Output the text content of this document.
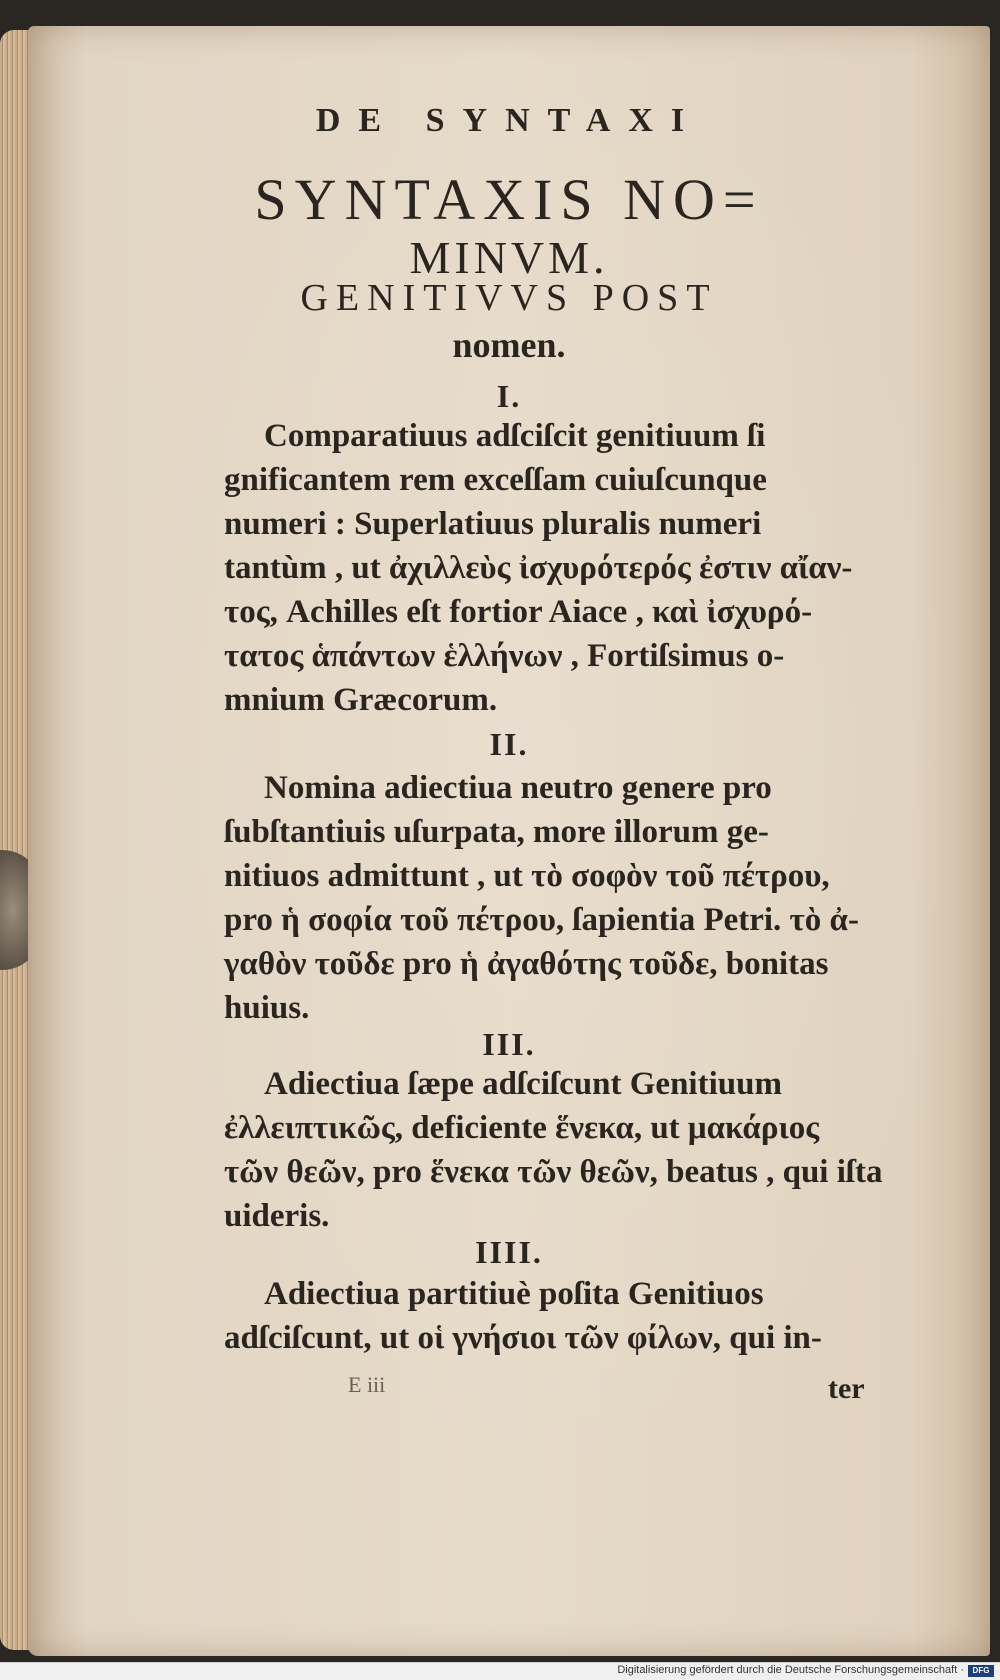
DE SYNTAXI
SYNTAXIS NO=
MINVM.
GENITIVVS POST
nomen.
I.
Comparatiuus adſciſcit genitiuum ſi
gnificantem rem exceſſam cuiuſcunque
numeri : Superlatiuus pluralis numeri
tantùm , ut ἀχιλλεὺς ἰσχυρότερός ἐστιν αἴαν-
τος, Achilles eſt fortior Aiace , καὶ ἰσχυρό-
τατος ἁπάντων ἑλλήνων , Fortiſsimus o-
mnium Græcorum.
II.
Nomina adiectiua neutro genere pro
ſubſtantiuis uſurpata, more illorum ge-
nitiuos admittunt , ut τὸ σοφὸν τοῦ πέτρου,
pro ἡ σοφία τοῦ πέτρου, ſapientia Petri. τὸ ἀ-
γαθὸν τοῦδε pro ἡ ἀγαθότης τοῦδε, bonitas
huius.
III.
Adiectiua ſæpe adſciſcunt Genitiuum
ἐλλειπτικῶς, deficiente ἕνεκα, ut μακάριος
τῶν θεῶν, pro ἕνεκα τῶν θεῶν, beatus , qui iſta
uideris.
IIII.
Adiectiua partitiuè poſita Genitiuos
adſciſcunt, ut οἱ γνήσιοι τῶν φίλων, qui in-
E iii	ter
Digitalisierung gefördert durch die Deutsche Forschungsgemeinschaft ·	DFG
